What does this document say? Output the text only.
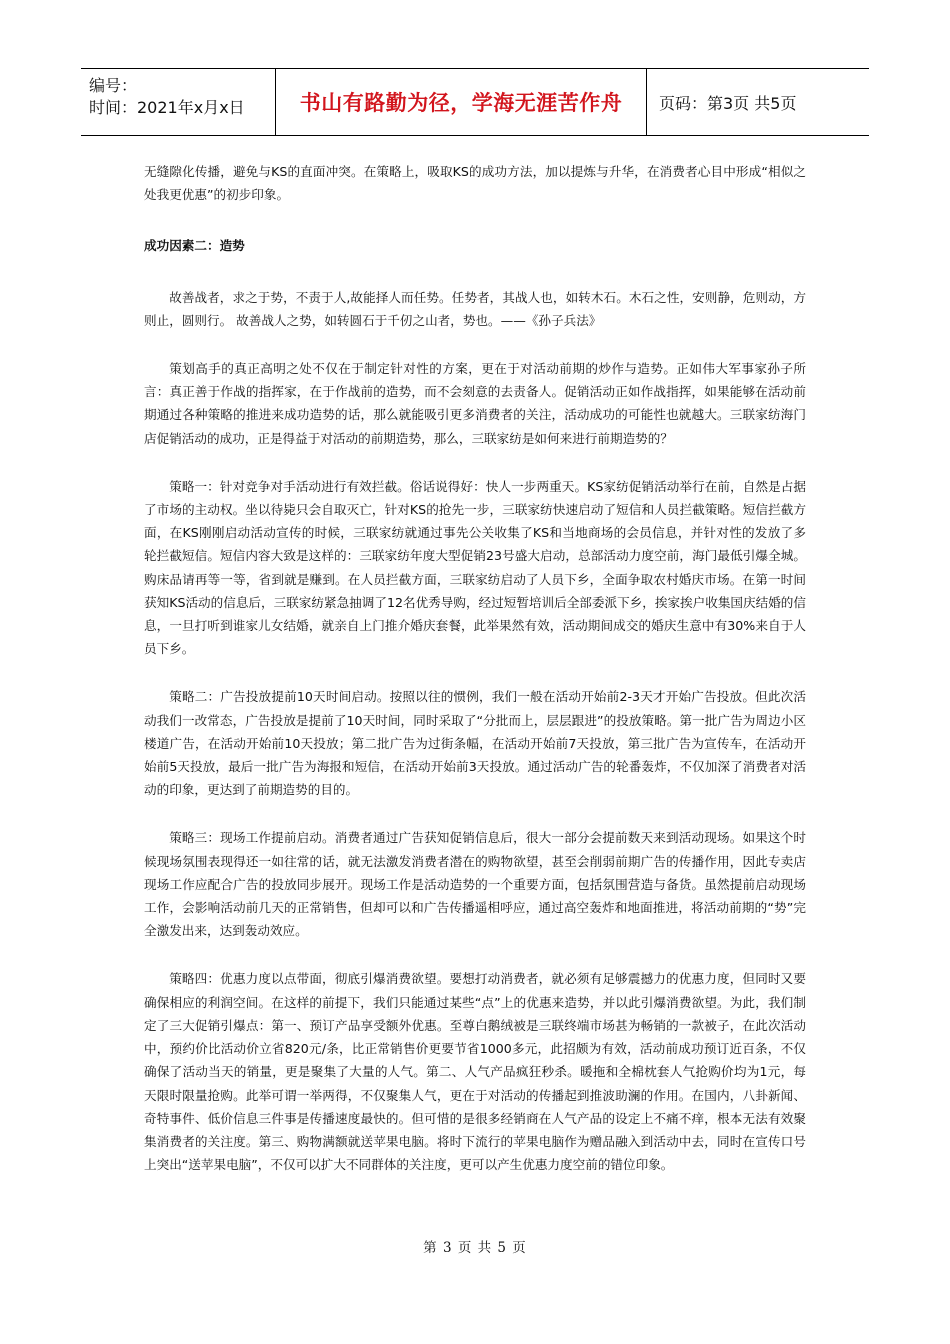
编号：
时间：2021年x月x日	书山有路勤为径，学海无涯苦作舟 页码：第3页 共5页

无缝隙化传播，避免与KS的直面冲突。在策略上，吸取KS的成功方法，加以提炼与升华，在消费者心目中形成“相似之处我更优惠”的初步印象。

成功因素二：造势

故善战者，求之于势，不责于人,故能择人而任势。任势者，其战人也，如转木石。木石之性，安则静，危则动，方则止，圆则行。 故善战人之势，如转圆石于千仞之山者，势也。——《孙子兵法》

策划高手的真正高明之处不仅在于制定针对性的方案，更在于对活动前期的炒作与造势。正如伟大军事家孙子所言：真正善于作战的指挥家，在于作战前的造势，而不会刻意的去责备人。促销活动正如作战指挥，如果能够在活动前期通过各种策略的推进来成功造势的话，那么就能吸引更多消费者的关注，活动成功的可能性也就越大。三联家纺海门店促销活动的成功，正是得益于对活动的前期造势，那么，三联家纺是如何来进行前期造势的？

策略一：针对竞争对手活动进行有效拦截。俗话说得好：快人一步两重天。KS家纺促销活动举行在前，自然是占据了市场的主动权。坐以待毙只会自取灭亡，针对KS的抢先一步，三联家纺快速启动了短信和人员拦截策略。短信拦截方面，在KS刚刚启动活动宣传的时候，三联家纺就通过事先公关收集了KS和当地商场的会员信息，并针对性的发放了多轮拦截短信。短信内容大致是这样的：三联家纺年度大型促销23号盛大启动，总部活动力度空前，海门最低引爆全城。购床品请再等一等，省到就是赚到。在人员拦截方面，三联家纺启动了人员下乡，全面争取农村婚庆市场。在第一时间获知KS活动的信息后，三联家纺紧急抽调了12名优秀导购，经过短暂培训后全部委派下乡，挨家挨户收集国庆结婚的信息，一旦打听到谁家儿女结婚，就亲自上门推介婚庆套餐，此举果然有效，活动期间成交的婚庆生意中有30%来自于人员下乡。

策略二：广告投放提前10天时间启动。按照以往的惯例，我们一般在活动开始前2-3天才开始广告投放。但此次活动我们一改常态，广告投放是提前了10天时间，同时采取了“分批而上，层层跟进”的投放策略。第一批广告为周边小区楼道广告，在活动开始前10天投放；第二批广告为过街条幅，在活动开始前7天投放，第三批广告为宣传车，在活动开始前5天投放，最后一批广告为海报和短信，在活动开始前3天投放。通过活动广告的轮番轰炸，不仅加深了消费者对活动的印象，更达到了前期造势的目的。

策略三：现场工作提前启动。消费者通过广告获知促销信息后，很大一部分会提前数天来到活动现场。如果这个时候现场氛围表现得还一如往常的话，就无法激发消费者潜在的购物欲望，甚至会削弱前期广告的传播作用，因此专卖店现场工作应配合广告的投放同步展开。现场工作是活动造势的一个重要方面，包括氛围营造与备货。虽然提前启动现场工作，会影响活动前几天的正常销售，但却可以和广告传播遥相呼应，通过高空轰炸和地面推进，将活动前期的“势”完全激发出来，达到轰动效应。

策略四：优惠力度以点带面，彻底引爆消费欲望。要想打动消费者，就必须有足够震撼力的优惠力度，但同时又要确保相应的利润空间。在这样的前提下，我们只能通过某些“点”上的优惠来造势，并以此引爆消费欲望。为此，我们制定了三大促销引爆点：第一、预订产品享受额外优惠。至尊白鹅绒被是三联终端市场甚为畅销的一款被子，在此次活动中，预约价比活动价立省820元/条，比正常销售价更要节省1000多元，此招颇为有效，活动前成功预订近百条，不仅确保了活动当天的销量，更是聚集了大量的人气。第二、人气产品疯狂秒杀。暖拖和全棉枕套人气抢购价均为1元，每天限时限量抢购。此举可谓一举两得，不仅聚集人气，更在于对活动的传播起到推波助澜的作用。在国内，八卦新闻、奇特事件、低价信息三件事是传播速度最快的。但可惜的是很多经销商在人气产品的设定上不痛不痒，根本无法有效聚集消费者的关注度。第三、购物满额就送苹果电脑。将时下流行的苹果电脑作为赠品融入到活动中去，同时在宣传口号上突出“送苹果电脑”，不仅可以扩大不同群体的关注度，更可以产生优惠力度空前的错位印象。

第 3 页 共 5 页
